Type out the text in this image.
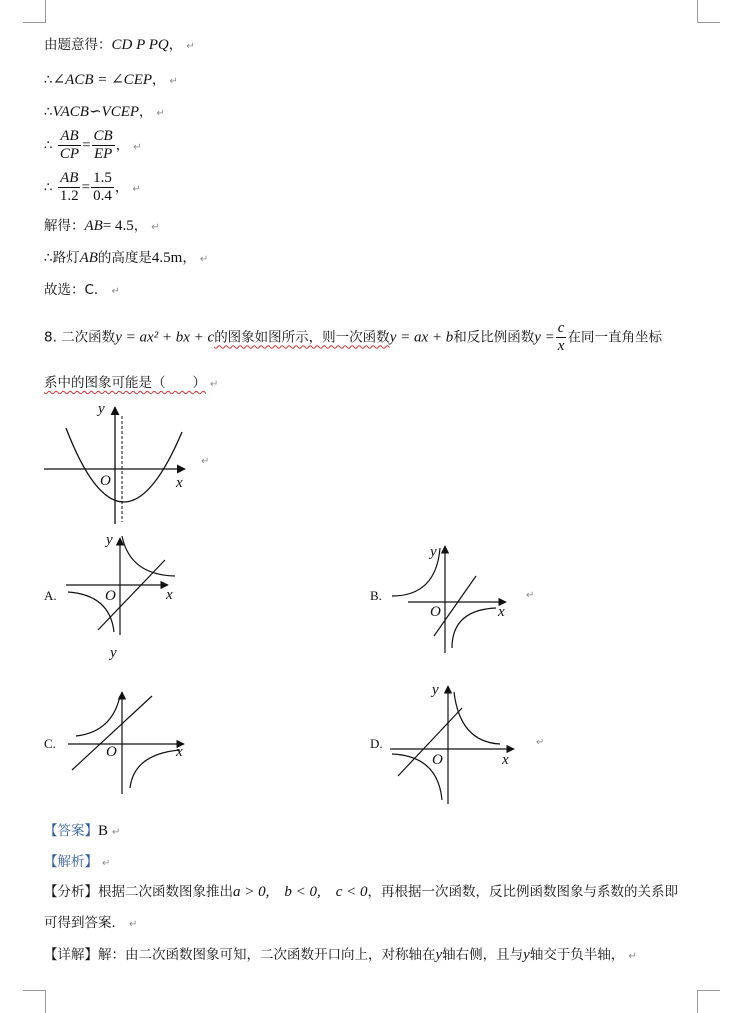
由题意得：CD P PQ， ↵
∴∠ACB = ∠CEP， ↵
∴VACB∽VCEP， ↵
∴ $\frac{AB}{CP} = \frac{CB}{EP}$ ， ↵
∴ $\frac{AB}{1.2} = \frac{1.5}{0.4}$ ， ↵
解得：AB= 4.5， ↵
∴路灯AB的高度是4.5m， ↵
故选：C． ↵
8. 二次函数y = ax² + bx + c的图象如图所示，则一次函数y = ax + b和反比例函数$y = \frac{c}{x}$ 在同一直角坐标
系中的图象可能是（　　） ↵
y
x
O
↵
A.
y
x
O
y
B.
y
x
O
↵
C.
x
O
D.
y
x
O
↵
【答案】B ↵
【解析】 ↵
【分析】根据二次函数图象推出a > 0,　b < 0,　c < 0，再根据一次函数，反比例函数图象与系数的关系即
可得到答案． ↵
【详解】解：由二次函数图象可知，二次函数开口向上，对称轴在y轴右侧，且与y轴交于负半轴， ↵
